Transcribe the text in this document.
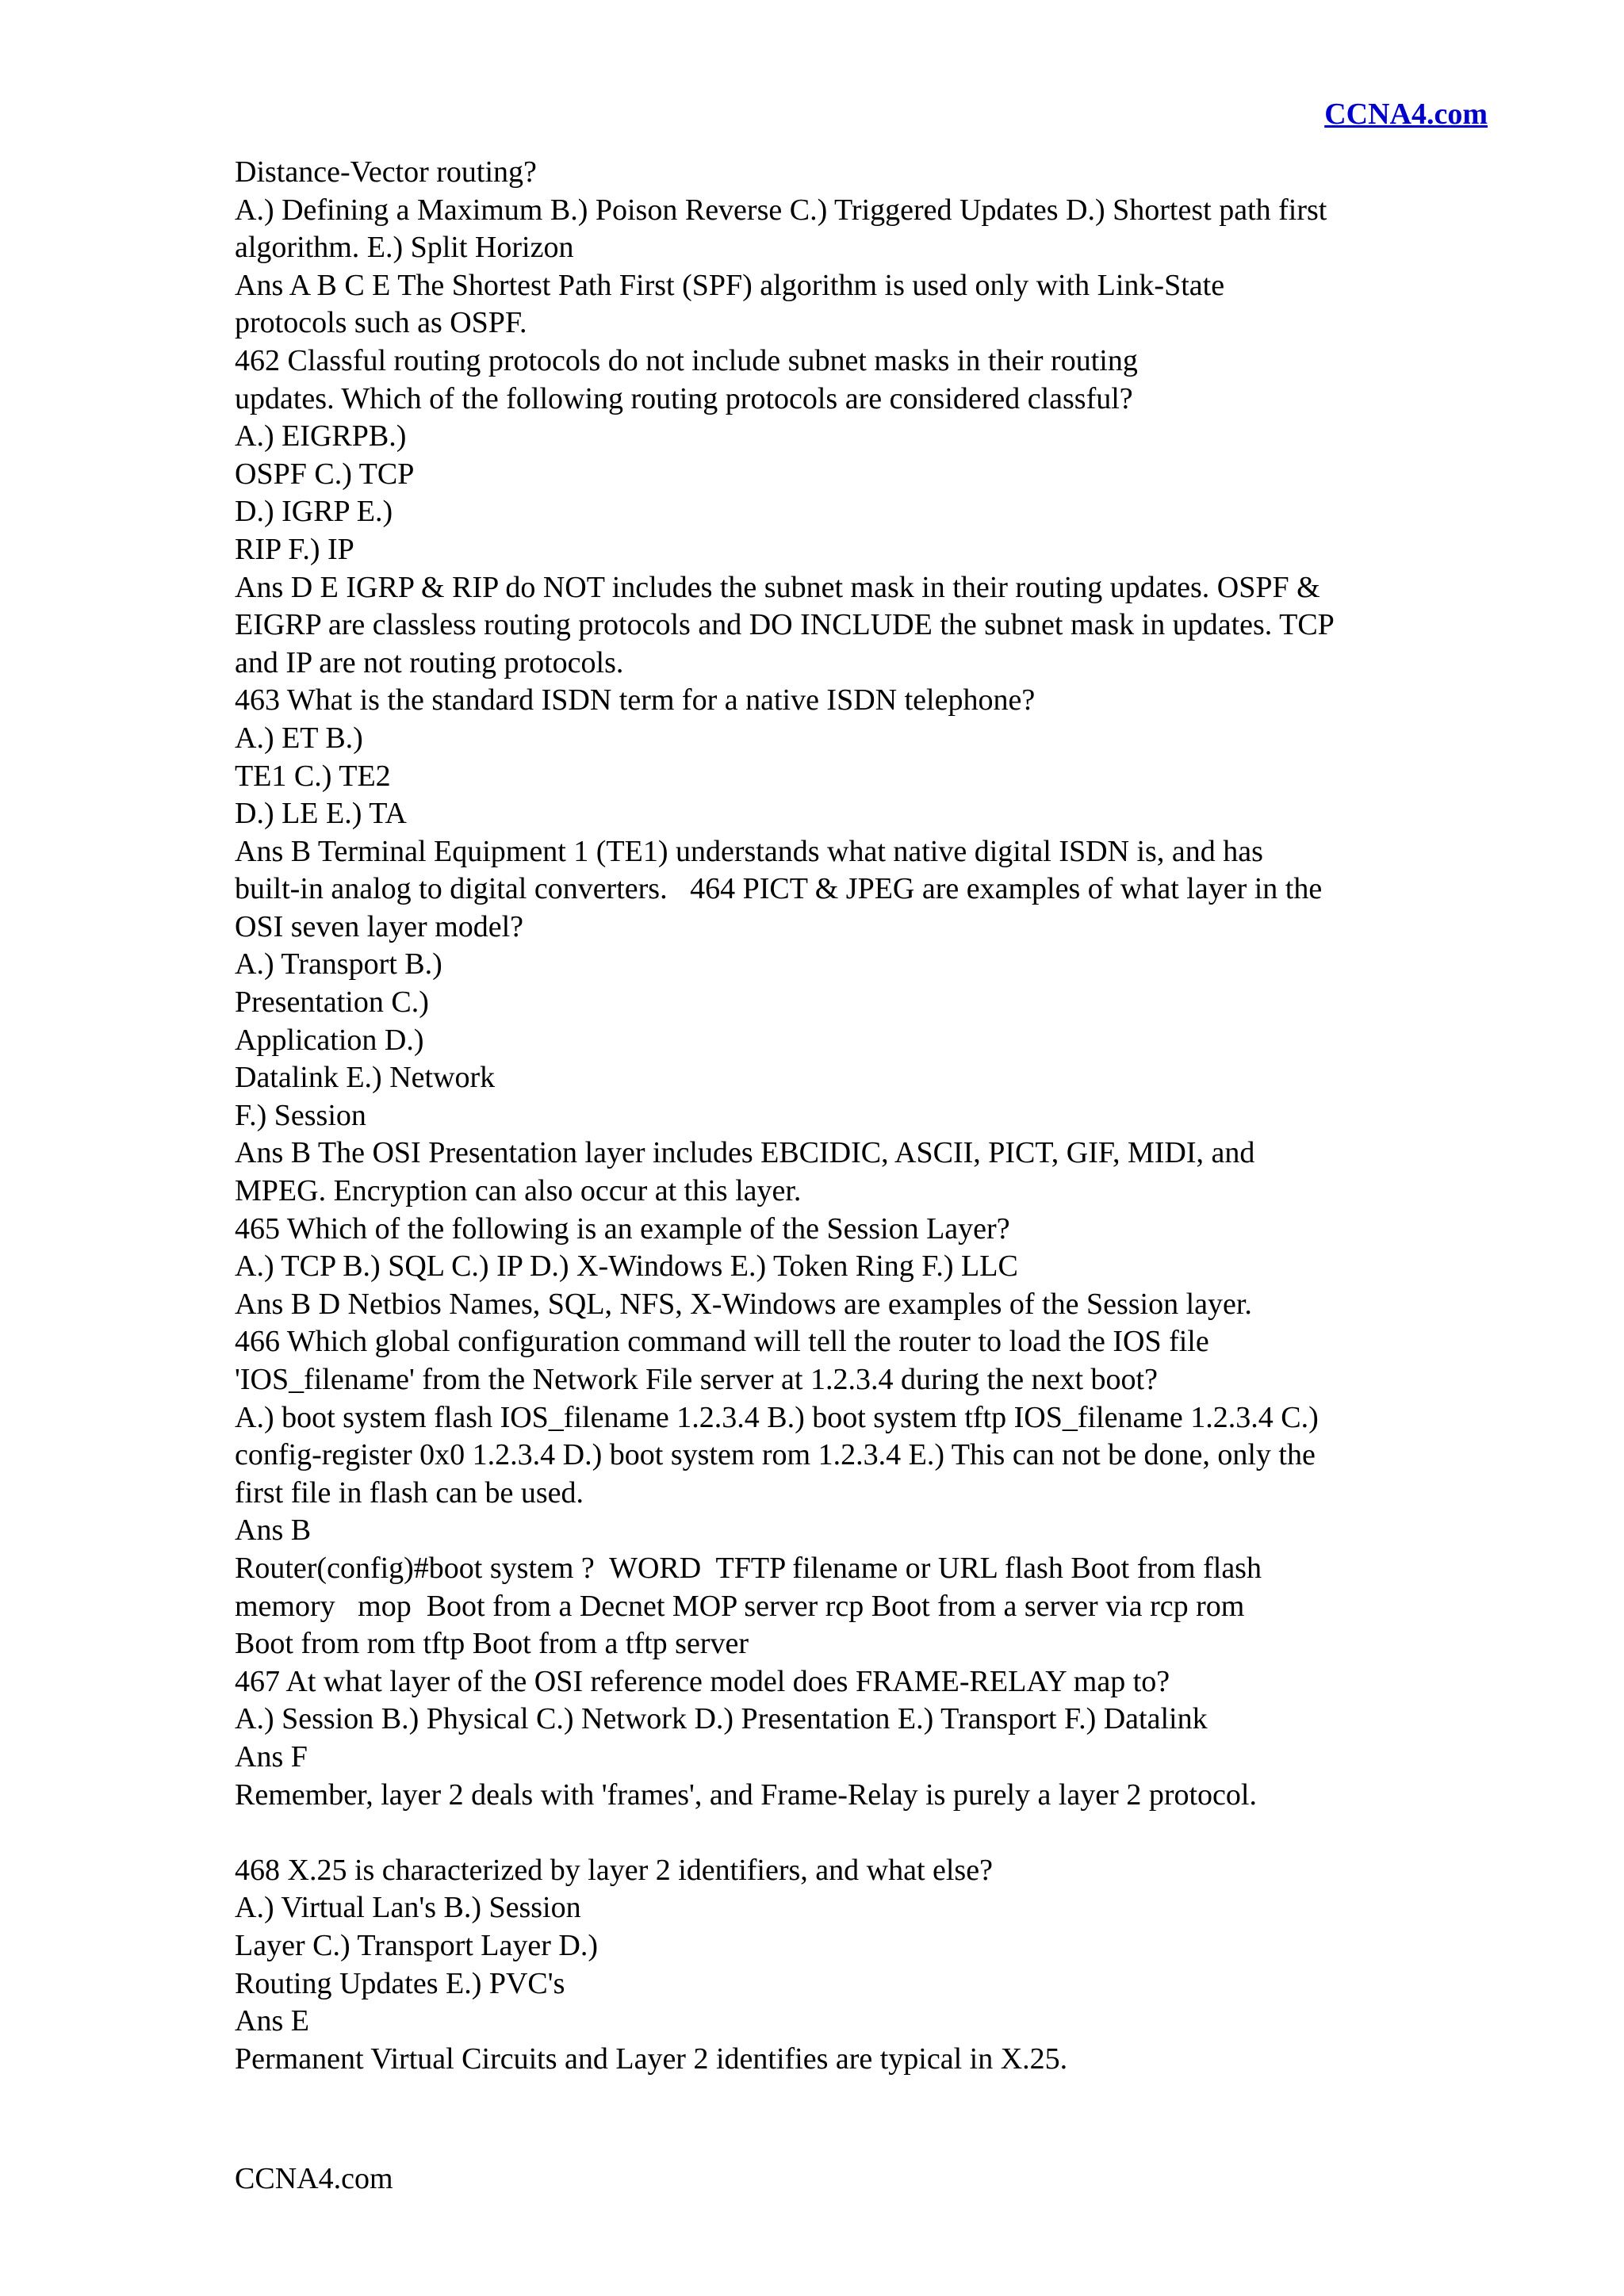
CCNA4.com
Distance-Vector routing?
A.) Defining a Maximum B.) Poison Reverse C.) Triggered Updates D.) Shortest path first
algorithm. E.) Split Horizon
Ans A B C E The Shortest Path First (SPF) algorithm is used only with Link-State
protocols such as OSPF.
462 Classful routing protocols do not include subnet masks in their routing
updates. Which of the following routing protocols are considered classful?
A.) EIGRPB.)
OSPF C.) TCP
D.) IGRP E.)
RIP F.) IP
Ans D E IGRP & RIP do NOT includes the subnet mask in their routing updates. OSPF &
EIGRP are classless routing protocols and DO INCLUDE the subnet mask in updates. TCP
and IP are not routing protocols.
463 What is the standard ISDN term for a native ISDN telephone?
A.) ET B.)
TE1 C.) TE2
D.) LE E.) TA
Ans B Terminal Equipment 1 (TE1) understands what native digital ISDN is, and has
built-in analog to digital converters.   464 PICT & JPEG are examples of what layer in the
OSI seven layer model?
A.) Transport B.)
Presentation C.)
Application D.)
Datalink E.) Network
F.) Session
Ans B The OSI Presentation layer includes EBCIDIC, ASCII, PICT, GIF, MIDI, and
MPEG. Encryption can also occur at this layer.
465 Which of the following is an example of the Session Layer?
A.) TCP B.) SQL C.) IP D.) X-Windows E.) Token Ring F.) LLC
Ans B D Netbios Names, SQL, NFS, X-Windows are examples of the Session layer.
466 Which global configuration command will tell the router to load the IOS file
'IOS_filename' from the Network File server at 1.2.3.4 during the next boot?
A.) boot system flash IOS_filename 1.2.3.4 B.) boot system tftp IOS_filename 1.2.3.4 C.)
config-register 0x0 1.2.3.4 D.) boot system rom 1.2.3.4 E.) This can not be done, only the
first file in flash can be used.
Ans B
Router(config)#boot system ?  WORD  TFTP filename or URL flash Boot from flash
memory   mop  Boot from a Decnet MOP server rcp Boot from a server via rcp rom
Boot from rom tftp Boot from a tftp server
467 At what layer of the OSI reference model does FRAME-RELAY map to?
A.) Session B.) Physical C.) Network D.) Presentation E.) Transport F.) Datalink
Ans F
Remember, layer 2 deals with 'frames', and Frame-Relay is purely a layer 2 protocol.
468 X.25 is characterized by layer 2 identifiers, and what else?
A.) Virtual Lan's B.) Session
Layer C.) Transport Layer D.)
Routing Updates E.) PVC's
Ans E
Permanent Virtual Circuits and Layer 2 identifies are typical in X.25.
CCNA4.com
